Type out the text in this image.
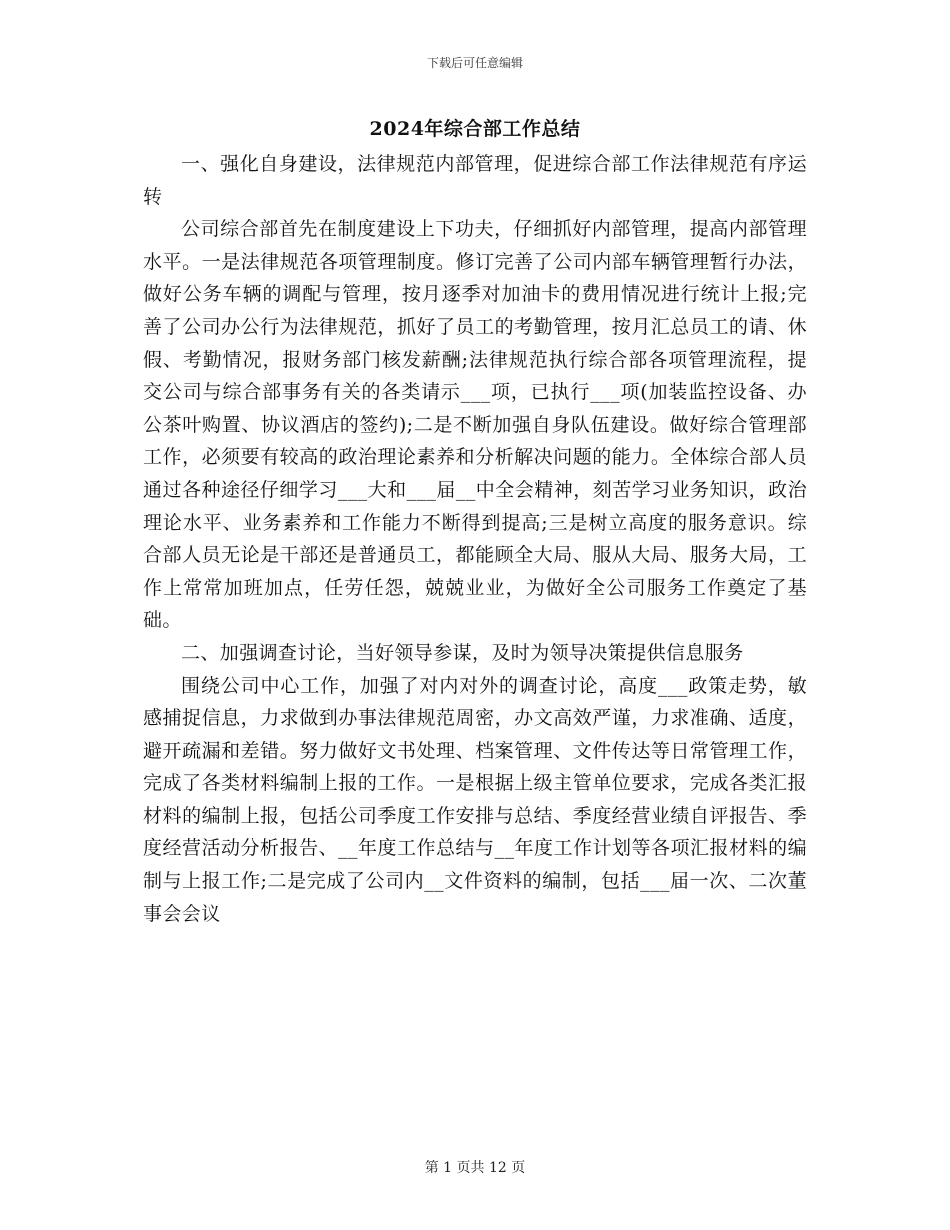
下载后可任意编辑
2024年综合部工作总结

一、强化自身建设，法律规范内部管理，促进综合部工作法律规范有序运转

公司综合部首先在制度建设上下功夫，仔细抓好内部管理，提高内部管理水平。一是法律规范各项管理制度。修订完善了公司内部车辆管理暂行办法，做好公务车辆的调配与管理，按月逐季对加油卡的费用情况进行统计上报;完善了公司办公行为法律规范，抓好了员工的考勤管理，按月汇总员工的请、休假、考勤情况，报财务部门核发薪酬;法律规范执行综合部各项管理流程，提交公司与综合部事务有关的各类请示___项，已执行___项(加装监控设备、办公茶叶购置、协议酒店的签约);二是不断加强自身队伍建设。做好综合管理部工作，必须要有较高的政治理论素养和分析解决问题的能力。全体综合部人员通过各种途径仔细学习___大和___届__中全会精神，刻苦学习业务知识，政治理论水平、业务素养和工作能力不断得到提高;三是树立高度的服务意识。综合部人员无论是干部还是普通员工，都能顾全大局、服从大局、服务大局，工作上常常加班加点，任劳任怨，兢兢业业，为做好全公司服务工作奠定了基础。

二、加强调查讨论，当好领导参谋，及时为领导决策提供信息服务

围绕公司中心工作，加强了对内对外的调查讨论，高度___政策走势，敏感捕捉信息，力求做到办事法律规范周密，办文高效严谨，力求准确、适度，避开疏漏和差错。努力做好文书处理、档案管理、文件传达等日常管理工作，完成了各类材料编制上报的工作。一是根据上级主管单位要求，完成各类汇报材料的编制上报，包括公司季度工作安排与总结、季度经营业绩自评报告、季度经营活动分析报告、__年度工作总结与__年度工作计划等各项汇报材料的编制与上报工作;二是完成了公司内__文件资料的编制，包括___届一次、二次董事会会议

第 1 页共 12 页
